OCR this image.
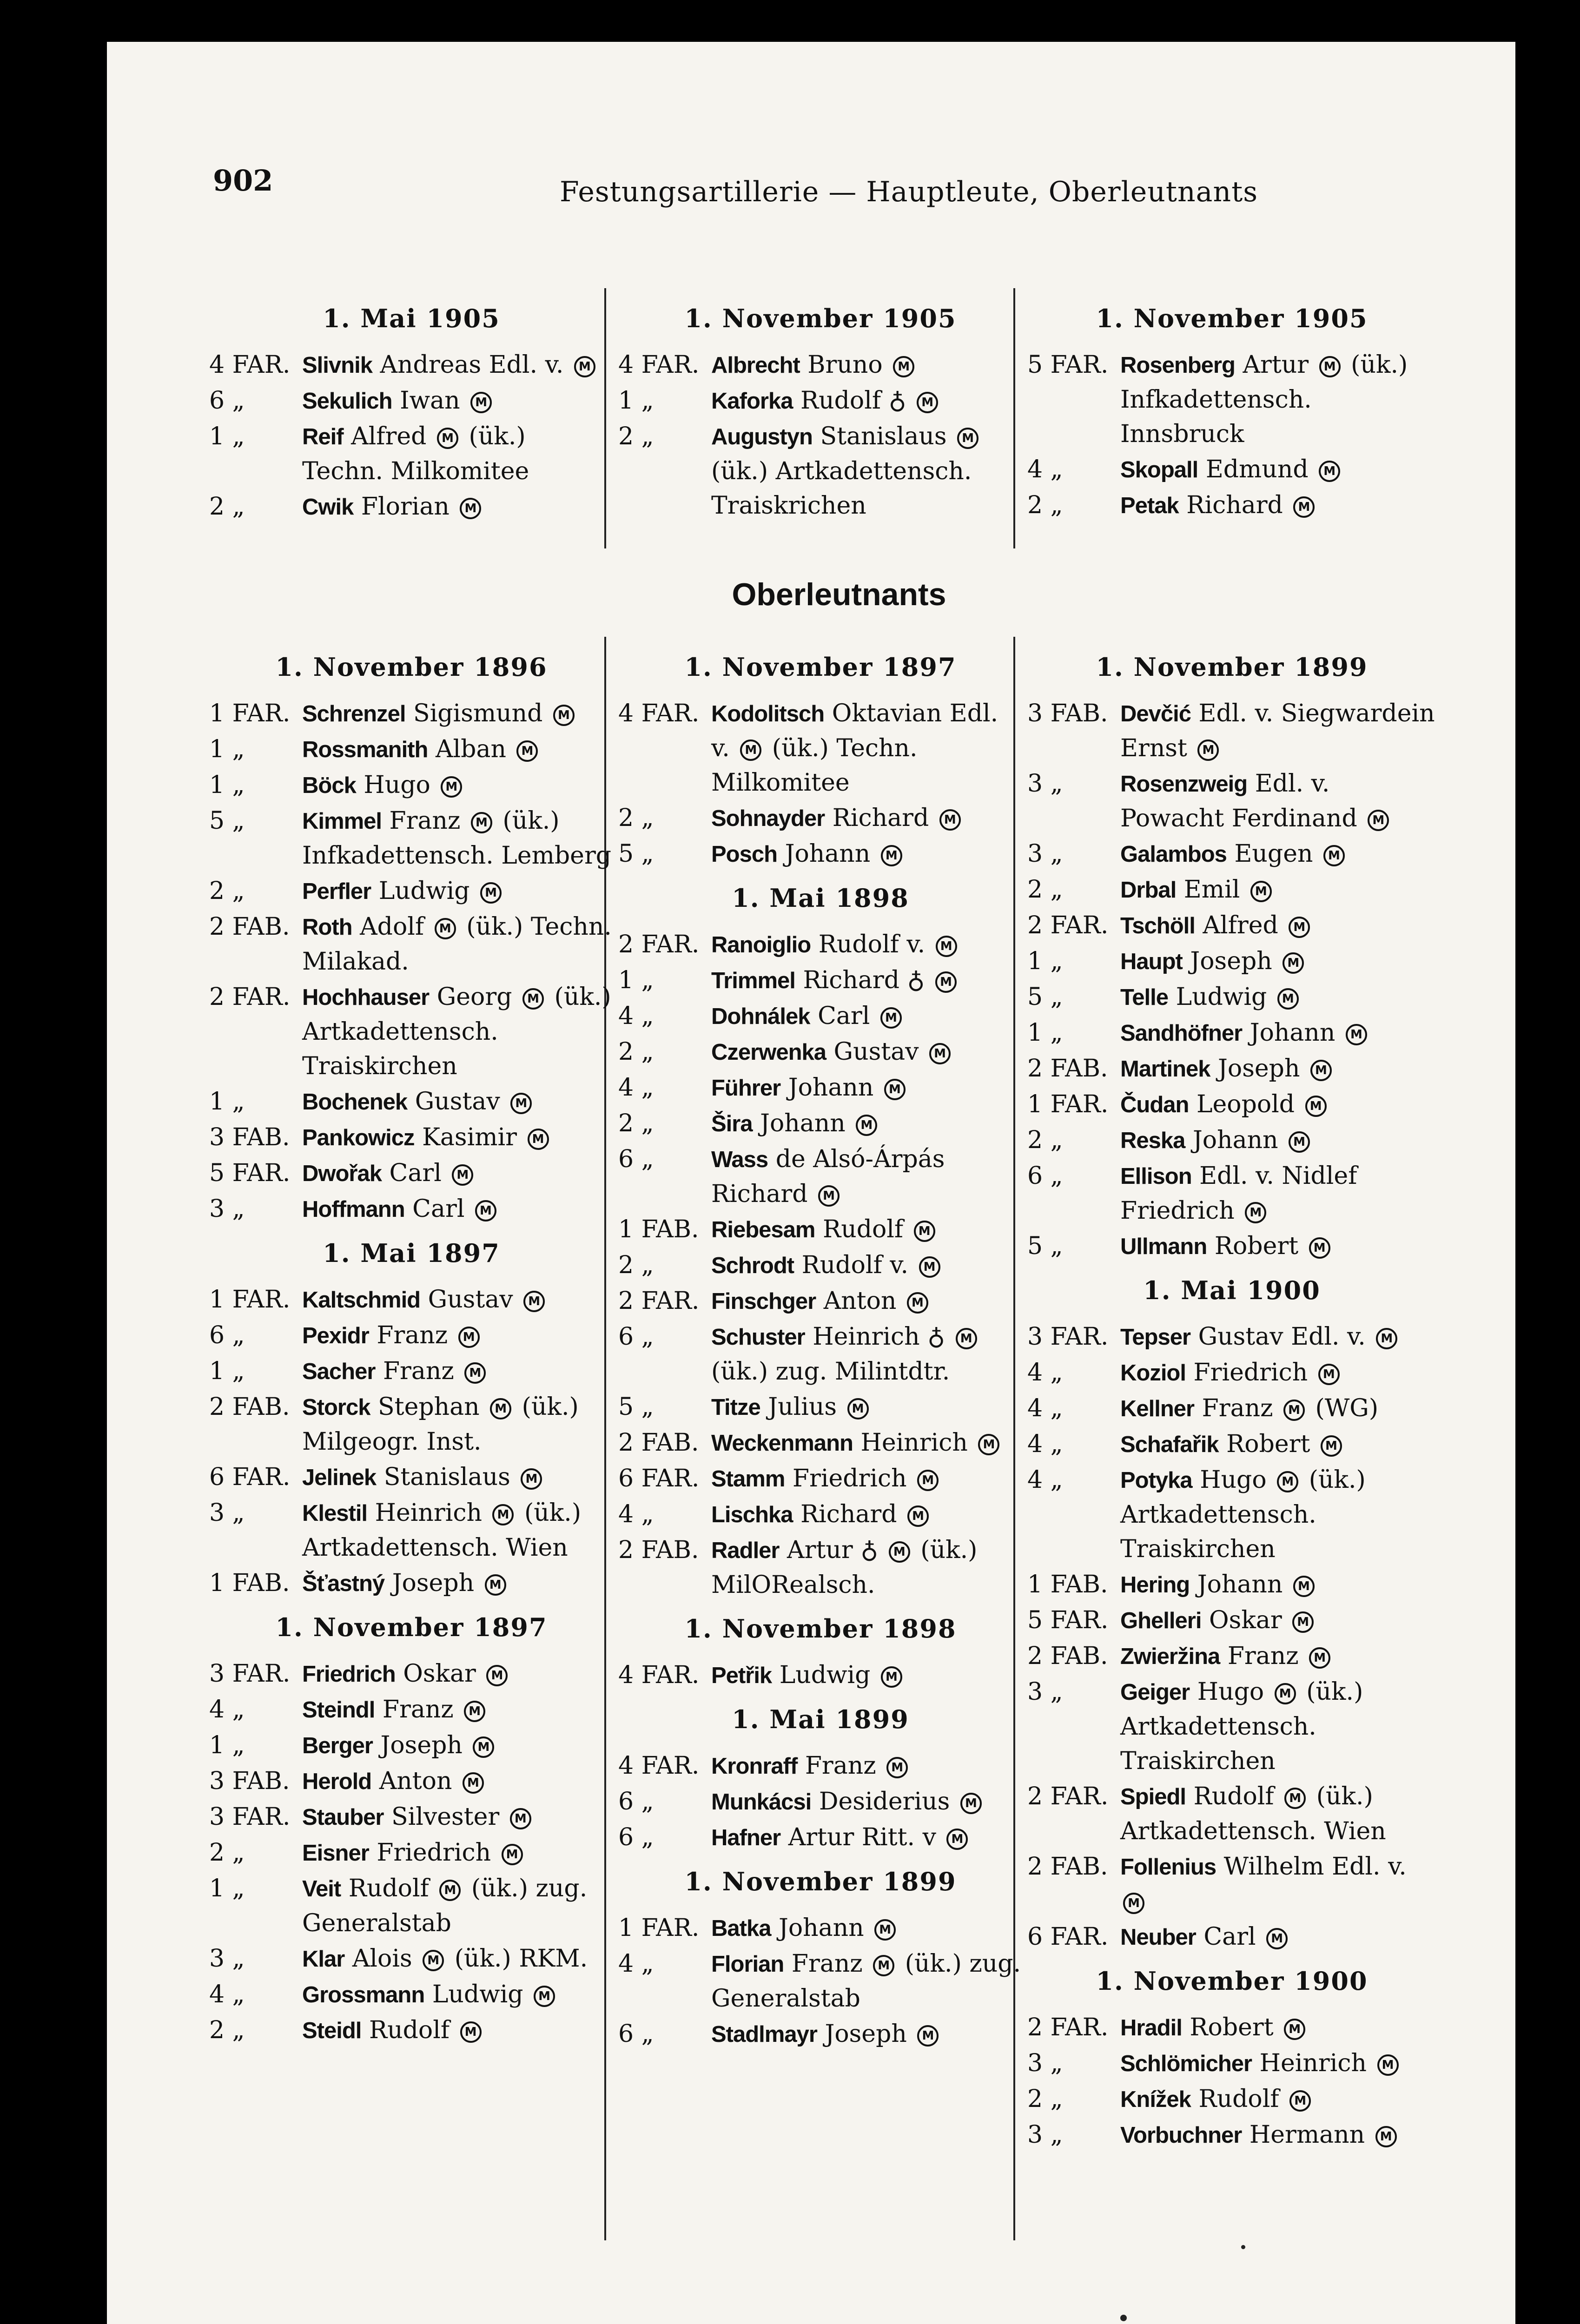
902	Festungsartillerie — Hauptleute, Oberleutnants
Oberleutnants
1. Mai 1905
4 FAR. Slivnik Andreas Edl. v. M
6 „	Sekulich Iwan M
1 „	Reif Alfred M (ük.) Techn. Milkomitee
2 „	Cwik Florian M
1. November 1905
4 FAR. Albrecht Bruno M
1 „	Kaforka Rudolf ♁ M
2 „	Augustyn Stanislaus M (ük.) Artkadettensch. Traiskrichen
1. November 1905
5 FAR. Rosenberg Artur M (ük.) Infkadettensch. Innsbruck
4 „	Skopall Edmund M
2 „	Petak Richard M
1. November 1896
1 FAR. Schrenzel Sigismund M
1 „	Rossmanith Alban M
1 „	Böck Hugo M
5 „	Kimmel Franz M (ük.) Infkadettensch. Lemberg
2 „	Perfler Ludwig M
2 FAB. Roth Adolf M (ük.) Techn. Milakad.
2 FAR. Hochhauser Georg M (ük.) Artkadettensch. Traiskirchen
1 „	Bochenek Gustav M
3 FAB. Pankowicz Kasimir M
5 FAR. Dwořak Carl M
3 „	Hoffmann Carl M
1. Mai 1897
1 FAR. Kaltschmid Gustav M
6 „	Pexidr Franz M
1 „	Sacher Franz M
2 FAB. Storck Stephan M (ük.) Milgeogr. Inst.
6 FAR. Jelinek Stanislaus M
3 „	Klestil Heinrich M (ük.) Artkadettensch. Wien
1 FAB. Šťastný Joseph M
1. November 1897
3 FAR. Friedrich Oskar M
4 „	Steindl Franz M
1 „	Berger Joseph M
3 FAB. Herold Anton M
3 FAR. Stauber Silvester M
2 „	Eisner Friedrich M
1 „	Veit Rudolf M (ük.) zug. Generalstab
3 „	Klar Alois M (ük.) RKM.
4 „	Grossmann Ludwig M
2 „	Steidl Rudolf M
1. November 1897
4 FAR. Kodolitsch Oktavian Edl. v. M (ük.) Techn. Milkomitee
2 „	Sohnayder Richard M
5 „	Posch Johann M
1. Mai 1898
2 FAR. Ranoiglio Rudolf v. M
1 „	Trimmel Richard ♁ M
4 „	Dohnálek Carl M
2 „	Czerwenka Gustav M
4 „	Führer Johann M
2 „	Šira Johann M
6 „	Wass de Alsó-Árpás Richard M
1 FAB. Riebesam Rudolf M
2 „	Schrodt Rudolf v. M
2 FAR. Finschger Anton M
6 „	Schuster Heinrich ♁ M (ük.) zug. Milintdtr.
5 „	Titze Julius M
2 FAB. Weckenmann Heinrich M
6 FAR. Stamm Friedrich M
4 „	Lischka Richard M
2 FAB. Radler Artur ♁ M (ük.) MilORealsch.
1. November 1898
4 FAR. Petřik Ludwig M
1. Mai 1899
4 FAR. Kronraff Franz M
6 „	Munkácsi Desiderius M
6 „	Hafner Artur Ritt. v M
1. November 1899
1 FAR. Batka Johann M
4 „	Florian Franz M (ük.) zug. Generalstab
6 „	Stadlmayr Joseph M
1. November 1899
3 FAB. Devčić Edl. v. Siegwardein Ernst M
3 „	Rosenzweig Edl. v. Powacht Ferdinand M
3 „	Galambos Eugen M
2 „	Drbal Emil M
2 FAR. Tschöll Alfred M
1 „	Haupt Joseph M
5 „	Telle Ludwig M
1 „	Sandhöfner Johann M
2 FAB. Martinek Joseph M
1 FAR. Čudan Leopold M
2 „	Reska Johann M
6 „	Ellison Edl. v. Nidlef Friedrich M
5 „	Ullmann Robert M
1. Mai 1900
3 FAR. Tepser Gustav Edl. v. M
4 „	Koziol Friedrich M
4 „	Kellner Franz M (WG)
4 „	Schafařik Robert M
4 „	Potyka Hugo M (ük.) Artkadettensch. Traiskirchen
1 FAB. Hering Johann M
5 FAR. Ghelleri Oskar M
2 FAB. Zwieržina Franz M
3 „	Geiger Hugo M (ük.) Artkadettensch. Traiskirchen
2 FAR. Spiedl Rudolf M (ük.) Artkadettensch. Wien
2 FAB. Follenius Wilhelm Edl. v. M
6 FAR. Neuber Carl M
1. November 1900
2 FAR. Hradil Robert M
3 „	Schlömicher Heinrich M
2 „	Knížek Rudolf M
3 „	Vorbuchner Hermann M
